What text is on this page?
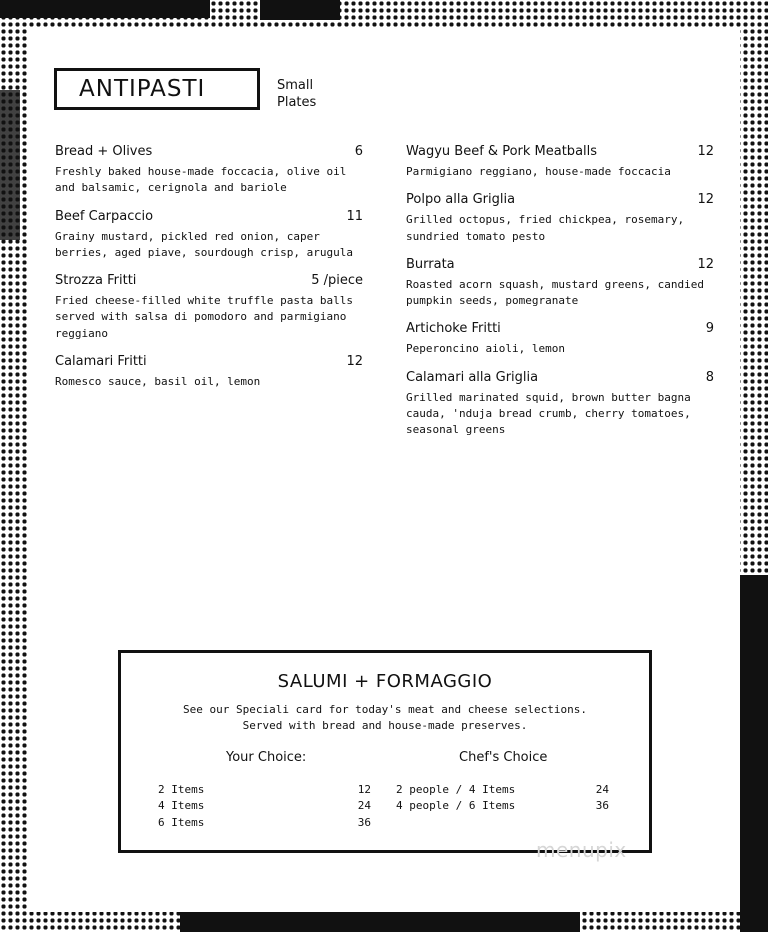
ANTIPASTI	Small Plates
Bread + Olives	6
Freshly baked house-made foccacia, olive oil and balsamic, cerignola and bariole
Beef Carpaccio	11
Grainy mustard, pickled red onion, caper berries, aged piave, sourdough crisp, arugula
Strozza Fritti	5 /piece
Fried cheese-filled white truffle pasta balls served with salsa di pomodoro and parmigiano reggiano
Calamari Fritti	12
Romesco sauce, basil oil, lemon
Wagyu Beef & Pork Meatballs	12
Parmigiano reggiano, house-made foccacia
Polpo alla Griglia	12
Grilled octopus, fried chickpea, rosemary, sundried tomato pesto
Burrata	12
Roasted acorn squash, mustard greens, candied pumpkin seeds, pomegranate
Artichoke Fritti	9
Peperoncino aioli, lemon
Calamari alla Griglia	8
Grilled marinated squid, brown butter bagna cauda, 'nduja bread crumb, cherry tomatoes, seasonal greens
SALUMI + FORMAGGIO
See our Speciali card for today's meat and cheese selections.
Served with bread and house-made preserves.
Your Choice:
2 Items	12
4 Items	24
6 Items	36
Chef's Choice
2 people / 4 Items	24
4 people / 6 Items	36
menupix
